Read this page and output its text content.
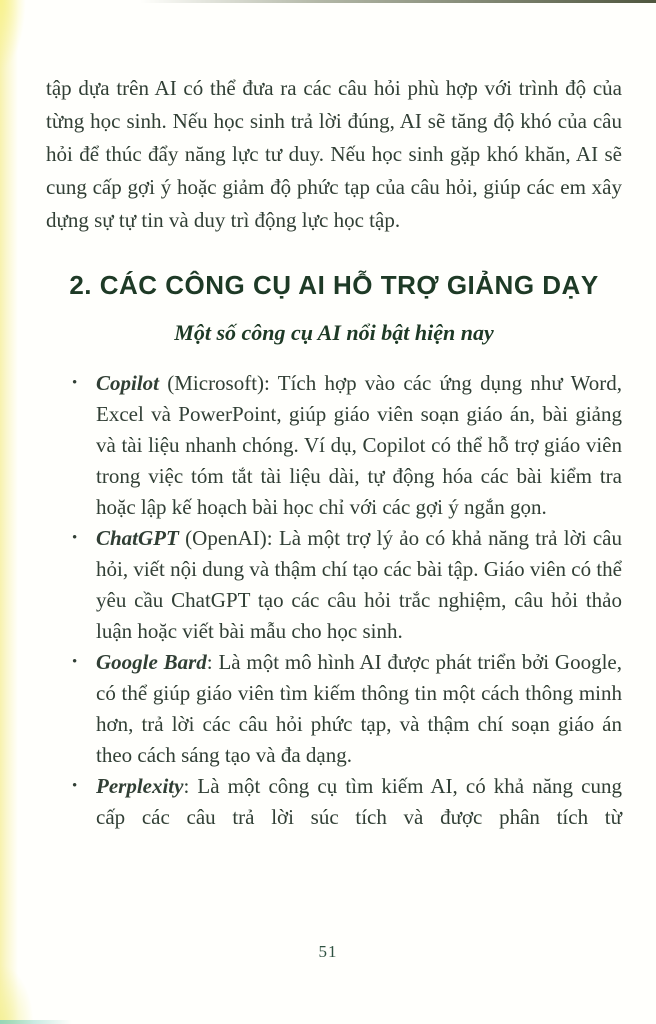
tập dựa trên AI có thể đưa ra các câu hỏi phù hợp với trình độ của từng học sinh. Nếu học sinh trả lời đúng, AI sẽ tăng độ khó của câu hỏi để thúc đẩy năng lực tư duy. Nếu học sinh gặp khó khăn, AI sẽ cung cấp gợi ý hoặc giảm độ phức tạp của câu hỏi, giúp các em xây dựng sự tự tin và duy trì động lực học tập.

2. CÁC CÔNG CỤ AI HỖ TRỢ GIẢNG DẠY
Một số công cụ AI nổi bật hiện nay
• Copilot (Microsoft): Tích hợp vào các ứng dụng như Word, Excel và PowerPoint, giúp giáo viên soạn giáo án, bài giảng và tài liệu nhanh chóng. Ví dụ, Copilot có thể hỗ trợ giáo viên trong việc tóm tắt tài liệu dài, tự động hóa các bài kiểm tra hoặc lập kế hoạch bài học chỉ với các gợi ý ngắn gọn.
• ChatGPT (OpenAI): Là một trợ lý ảo có khả năng trả lời câu hỏi, viết nội dung và thậm chí tạo các bài tập. Giáo viên có thể yêu cầu ChatGPT tạo các câu hỏi trắc nghiệm, câu hỏi thảo luận hoặc viết bài mẫu cho học sinh.
• Google Bard: Là một mô hình AI được phát triển bởi Google, có thể giúp giáo viên tìm kiếm thông tin một cách thông minh hơn, trả lời các câu hỏi phức tạp, và thậm chí soạn giáo án theo cách sáng tạo và đa dạng.
• Perplexity: Là một công cụ tìm kiếm AI, có khả năng cung cấp các câu trả lời súc tích và được phân tích từ
51
